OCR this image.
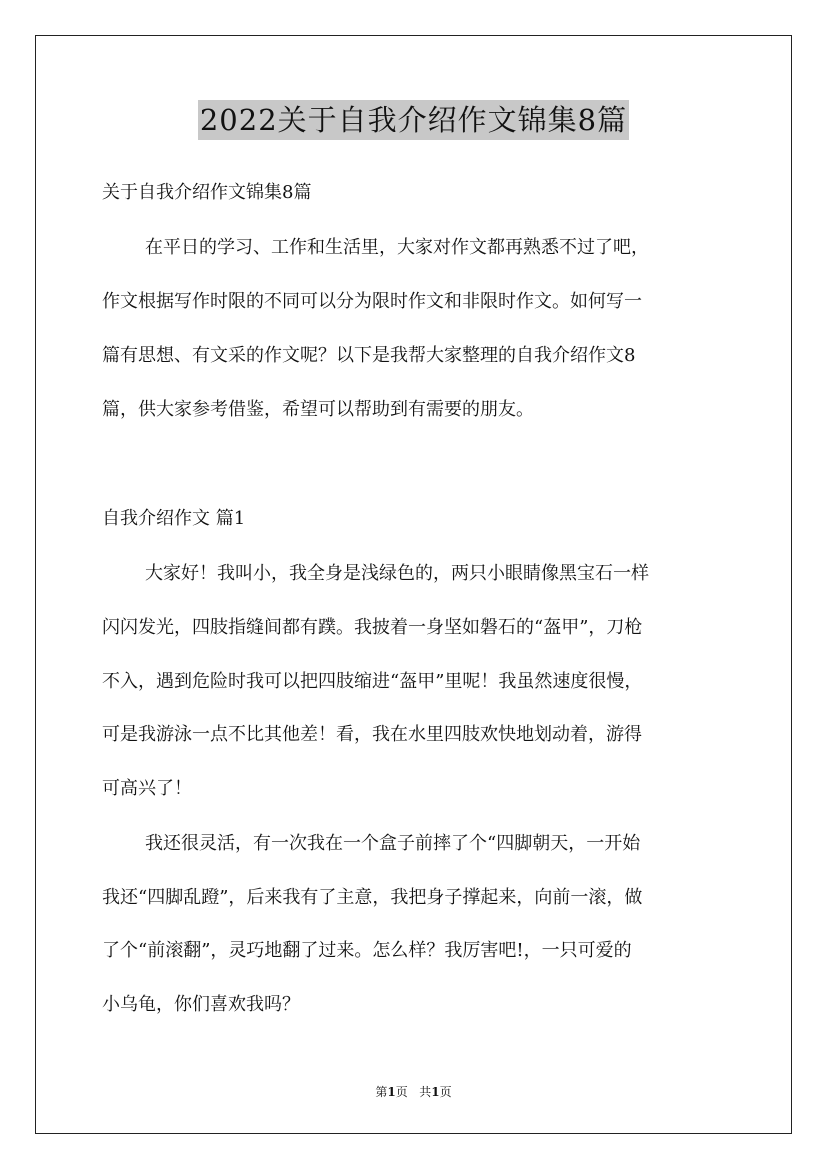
2022关于自我介绍作文锦集8篇
关于自我介绍作文锦集8篇
在平日的学习、工作和生活里，大家对作文都再熟悉不过了吧，
作文根据写作时限的不同可以分为限时作文和非限时作文。如何写一
篇有思想、有文采的作文呢？以下是我帮大家整理的自我介绍作文8
篇，供大家参考借鉴，希望可以帮助到有需要的朋友。
自我介绍作文 篇1
大家好！我叫小，我全身是浅绿色的，两只小眼睛像黑宝石一样
闪闪发光，四肢指缝间都有蹼。我披着一身坚如磐石的“盔甲”，刀枪
不入，遇到危险时我可以把四肢缩进“盔甲”里呢！我虽然速度很慢，
可是我游泳一点不比其他差！看，我在水里四肢欢快地划动着，游得
可高兴了！
我还很灵活，有一次我在一个盒子前摔了个“四脚朝天，一开始
我还“四脚乱蹬”，后来我有了主意，我把身子撑起来，向前一滚，做
了个“前滚翻”，灵巧地翻了过来。怎么样？我厉害吧!，一只可爱的
小乌龟，你们喜欢我吗？
第1页 共1页
